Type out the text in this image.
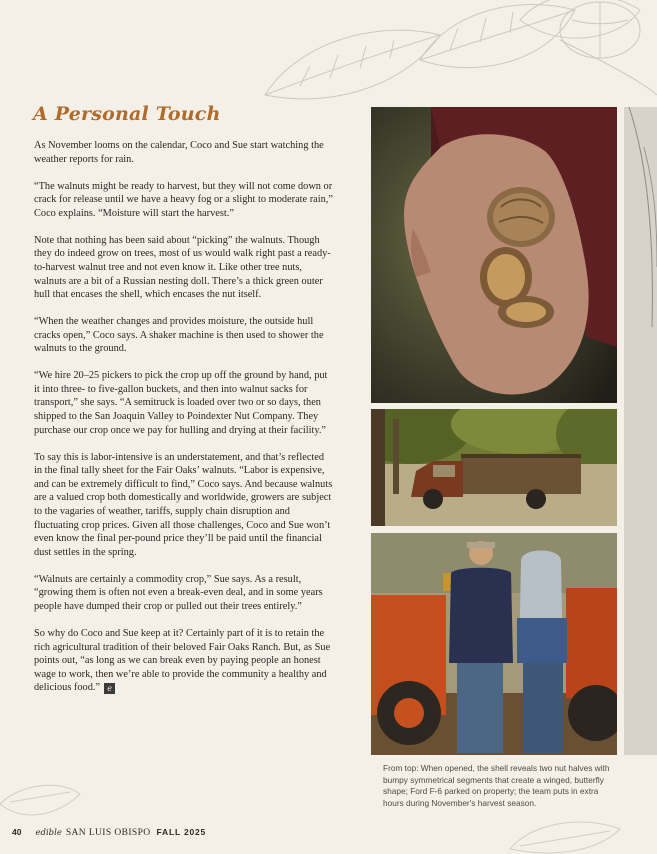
A Personal Touch

As November looms on the calendar, Coco and Sue start watching the weather reports for rain.

“The walnuts might be ready to harvest, but they will not come down or crack for release until we have a heavy fog or a slight to moderate rain,” Coco explains. “Moisture will start the harvest.”

Note that nothing has been said about “picking” the walnuts. Though they do indeed grow on trees, most of us would walk right past a ready-to-harvest walnut tree and not even know it. Like other tree nuts, walnuts are a bit of a Russian nesting doll. There’s a thick green outer hull that encases the shell, which encases the nut itself.

“When the weather changes and provides moisture, the outside hull cracks open,” Coco says. A shaker machine is then used to shower the walnuts to the ground.

“We hire 20–25 pickers to pick the crop up off the ground by hand, put it into three- to five-gallon buckets, and then into walnut sacks for transport,” she says. “A semitruck is loaded over two or so days, then shipped to the San Joaquin Valley to Poindexter Nut Company. They purchase our crop once we pay for hulling and drying at their facility.”

To say this is labor-intensive is an understatement, and that’s reflected in the final tally sheet for the Fair Oaks’ walnuts. “Labor is expensive, and can be extremely difficult to find,” Coco says. And because walnuts are a valued crop both domestically and worldwide, growers are subject to the vagaries of weather, tariffs, supply chain disruption and fluctuating crop prices. Given all those challenges, Coco and Sue won’t even know the final per-pound price they’ll be paid until the financial dust settles in the spring.

“Walnuts are certainly a commodity crop,” Sue says. As a result, “growing them is often not even a break-even deal, and in some years people have dumped their crop or pulled out their trees entirely.”

So why do Coco and Sue keep at it? Certainly part of it is to retain the rich agricultural tradition of their beloved Fair Oaks Ranch. But, as Sue points out, “as long as we can break even by paying people an honest wage to work, then we’re able to provide the community a healthy and delicious food.” e

From top: When opened, the shell reveals two nut halves with bumpy symmetrical segments that create a winged, butterfly shape; Ford F-6 parked on property; the team puts in extra hours during November's harvest season.
40 edible SAN LUIS OBISPO FALL 2025
